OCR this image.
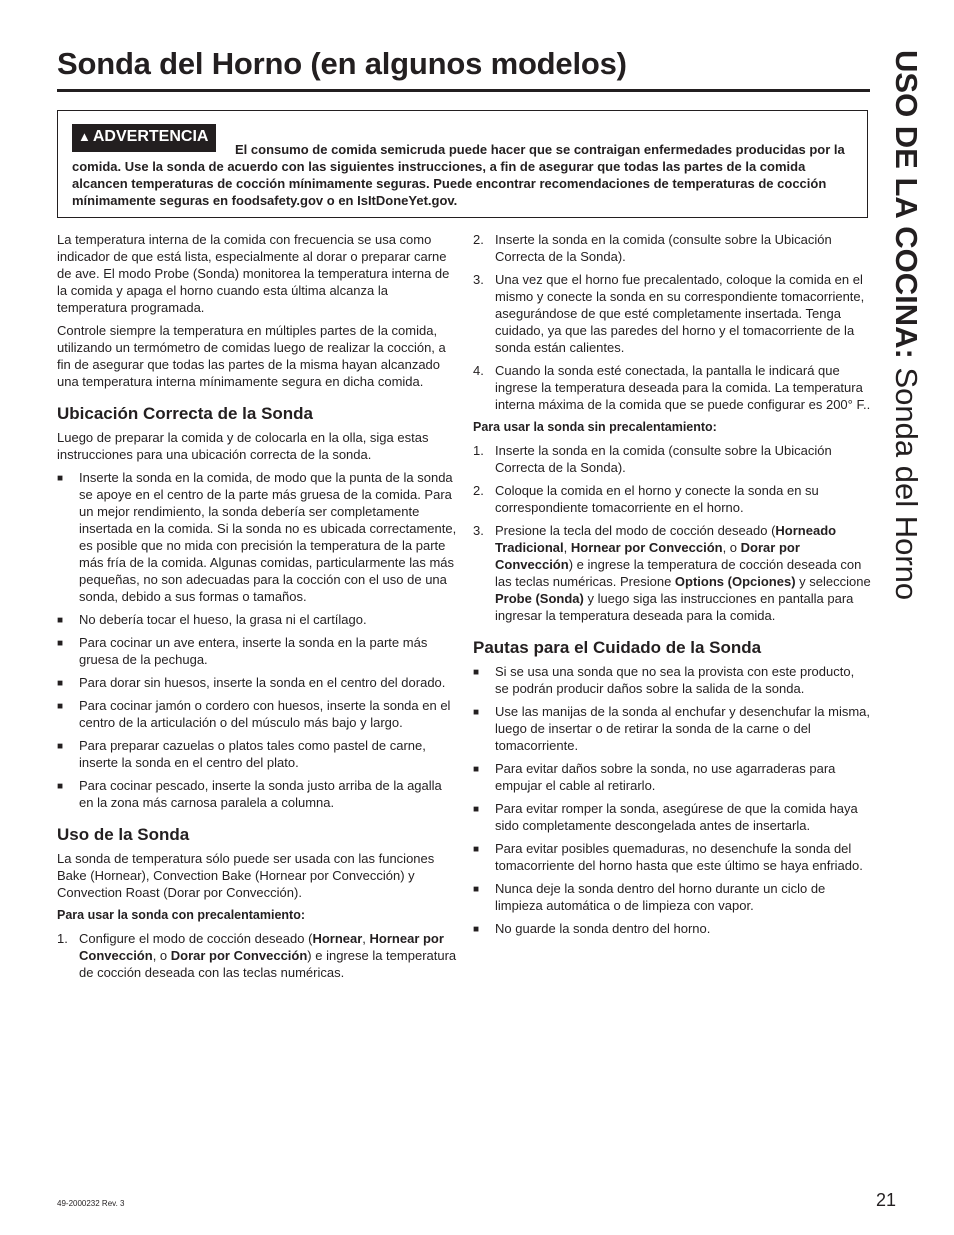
Sonda del Horno (en algunos modelos)	USO DE LA COCINA: Sonda del Horno
▲ ADVERTENCIA
El consumo de comida semicruda puede hacer que se contraigan enfermedades producidas por la comida. Use la sonda de acuerdo con las siguientes instrucciones, a fin de asegurar que todas las partes de la comida alcancen temperaturas de cocción mínimamente seguras. Puede encontrar recomendaciones de temperaturas de cocción mínimamente seguras en foodsafety.gov o en IsItDoneYet.gov.

La temperatura interna de la comida con frecuencia se usa como indicador de que está lista, especialmente al dorar o preparar carne de ave. El modo Probe (Sonda) monitorea la temperatura interna de la comida y apaga el horno cuando esta última alcanza la temperatura programada.

Controle siempre la temperatura en múltiples partes de la comida, utilizando un termómetro de comidas luego de realizar la cocción, a fin de asegurar que todas las partes de la misma hayan alcanzado una temperatura interna mínimamente segura en dicha comida.

Ubicación Correcta de la Sonda

Luego de preparar la comida y de colocarla en la olla, siga estas instrucciones para una ubicación correcta de la sonda.

■ Inserte la sonda en la comida, de modo que la punta de la sonda se apoye en el centro de la parte más gruesa de la comida. Para un mejor rendimiento, la sonda debería ser completamente insertada en la comida. Si la sonda no es ubicada correctamente, es posible que no mida con precisión la temperatura de la parte más fría de la comida. Algunas comidas, particularmente las más pequeñas, no son adecuadas para la cocción con el uso de una sonda, debido a sus formas o tamaños.
■ No debería tocar el hueso, la grasa ni el cartílago.
■ Para cocinar un ave entera, inserte la sonda en la parte más gruesa de la pechuga.
■ Para dorar sin huesos, inserte la sonda en el centro del dorado.
■ Para cocinar jamón o cordero con huesos, inserte la sonda en el centro de la articulación o del músculo más bajo y largo.
■ Para preparar cazuelas o platos tales como pastel de carne, inserte la sonda en el centro del plato.
■ Para cocinar pescado, inserte la sonda justo arriba de la agalla en la zona más carnosa paralela a columna.
Uso de la Sonda

La sonda de temperatura sólo puede ser usada con las funciones Bake (Hornear), Convection Bake (Hornear por Convección) y Convection Roast (Dorar por Convección).

Para usar la sonda con precalentamiento:
1. Configure el modo de cocción deseado (Hornear, Hornear por Convección, o Dorar por Convección) e ingrese la temperatura de cocción deseada con las teclas numéricas.
2. Inserte la sonda en la comida (consulte sobre la Ubicación Correcta de la Sonda).
3. Una vez que el horno fue precalentado, coloque la comida en el mismo y conecte la sonda en su correspondiente tomacorriente, asegurándose de que esté completamente insertada. Tenga cuidado, ya que las paredes del horno y el tomacorriente de la sonda están calientes.
4. Cuando la sonda esté conectada, la pantalla le indicará que ingrese la temperatura deseada para la comida. La temperatura interna máxima de la comida que se puede configurar es 200° F..
Para usar la sonda sin precalentamiento:
1. Inserte la sonda en la comida (consulte sobre la Ubicación Correcta de la Sonda).
2. Coloque la comida en el horno y conecte la sonda en su correspondiente tomacorriente en el horno.
3. Presione la tecla del modo de cocción deseado (Horneado Tradicional, Hornear por Convección, o Dorar por Convección) e ingrese la temperatura de cocción deseada con las teclas numéricas. Presione Options (Opciones) y seleccione Probe (Sonda) y luego siga las instrucciones en pantalla para ingresar la temperatura deseada para la comida.
Pautas para el Cuidado de la Sonda
■ Si se usa una sonda que no sea la provista con este producto, se podrán producir daños sobre la salida de la sonda.
■ Use las manijas de la sonda al enchufar y desenchufar la misma, luego de insertar o de retirar la sonda de la carne o del tomacorriente.
■ Para evitar daños sobre la sonda, no use agarraderas para empujar el cable al retirarlo.
■ Para evitar romper la sonda, asegúrese de que la comida haya sido completamente descongelada antes de insertarla.
■ Para evitar posibles quemaduras, no desenchufe la sonda del tomacorriente del horno hasta que este último se haya enfriado.
■ Nunca deje la sonda dentro del horno durante un ciclo de limpieza automática o de limpieza con vapor.
■ No guarde la sonda dentro del horno.
49-2000232 Rev. 3	21
